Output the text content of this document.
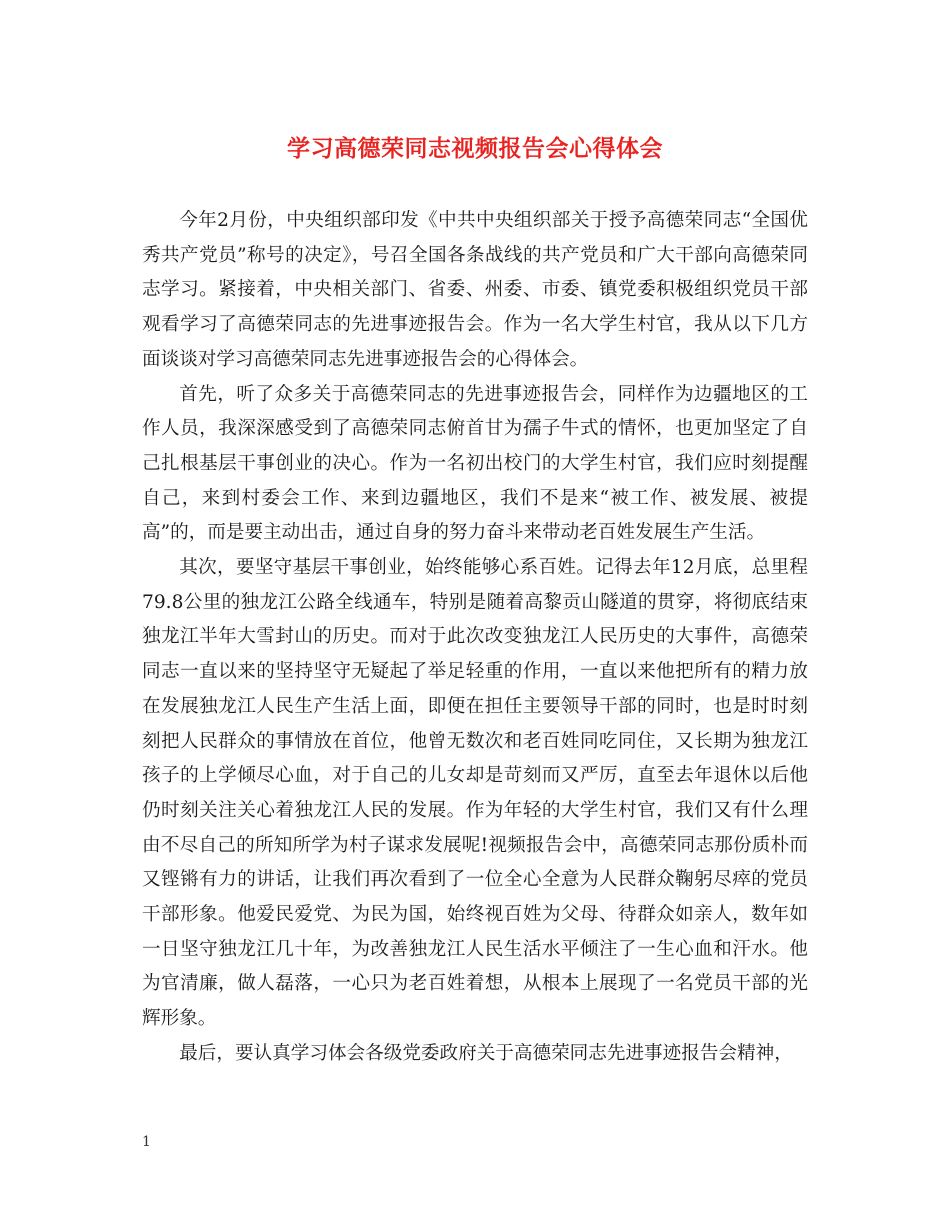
学习高德荣同志视频报告会心得体会

今年2月份，中央组织部印发《中共中央组织部关于授予高德荣同志“全国优秀共产党员”称号的决定》，号召全国各条战线的共产党员和广大干部向高德荣同志学习。紧接着，中央相关部门、省委、州委、市委、镇党委积极组织党员干部观看学习了高德荣同志的先进事迹报告会。作为一名大学生村官，我从以下几方面谈谈对学习高德荣同志先进事迹报告会的心得体会。

首先，听了众多关于高德荣同志的先进事迹报告会，同样作为边疆地区的工作人员，我深深感受到了高德荣同志俯首甘为孺子牛式的情怀，也更加坚定了自己扎根基层干事创业的决心。作为一名初出校门的大学生村官，我们应时刻提醒自己，来到村委会工作、来到边疆地区，我们不是来“被工作、被发展、被提高”的，而是要主动出击，通过自身的努力奋斗来带动老百姓发展生产生活。

其次，要坚守基层干事创业，始终能够心系百姓。记得去年12月底，总里程79.8公里的独龙江公路全线通车，特别是随着高黎贡山隧道的贯穿，将彻底结束独龙江半年大雪封山的历史。而对于此次改变独龙江人民历史的大事件，高德荣同志一直以来的坚持坚守无疑起了举足轻重的作用，一直以来他把所有的精力放在发展独龙江人民生产生活上面，即便在担任主要领导干部的同时，也是时时刻刻把人民群众的事情放在首位，他曾无数次和老百姓同吃同住，又长期为独龙江孩子的上学倾尽心血，对于自己的儿女却是苛刻而又严厉，直至去年退休以后他仍时刻关注关心着独龙江人民的发展。作为年轻的大学生村官，我们又有什么理由不尽自己的所知所学为村子谋求发展呢!视频报告会中，高德荣同志那份质朴而又铿锵有力的讲话，让我们再次看到了一位全心全意为人民群众鞠躬尽瘁的党员干部形象。他爱民爱党、为民为国，始终视百姓为父母、待群众如亲人，数年如一日坚守独龙江几十年，为改善独龙江人民生活水平倾注了一生心血和汗水。他为官清廉，做人磊落，一心只为老百姓着想，从根本上展现了一名党员干部的光辉形象。

最后，要认真学习体会各级党委政府关于高德荣同志先进事迹报告会精神，

1
